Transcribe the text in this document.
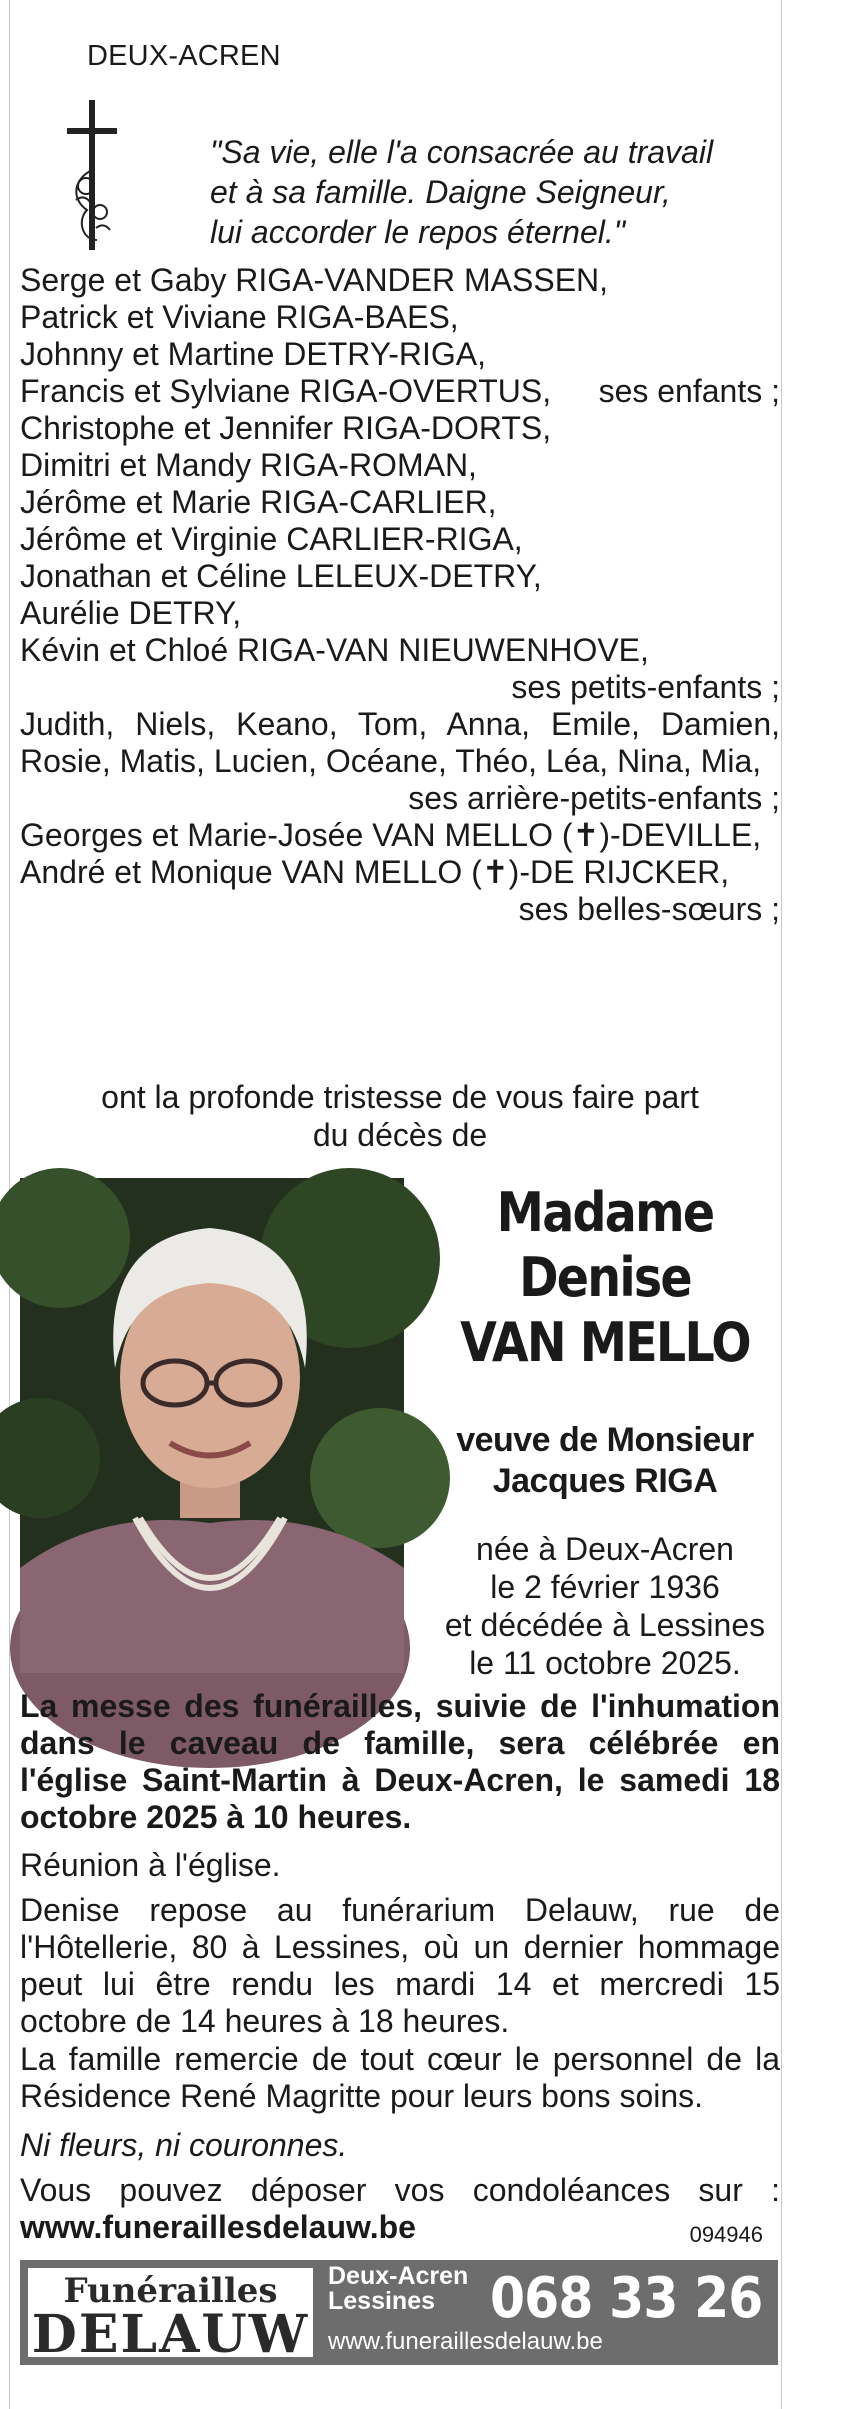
DEUX-ACREN
"Sa vie, elle l'a consacrée au travail
et à sa famille. Daigne Seigneur,
lui accorder le repos éternel."
Serge et Gaby RIGA-VANDER MASSEN,
Patrick et Viviane RIGA-BAES,
Johnny et Martine DETRY-RIGA,
Francis et Sylviane RIGA-OVERTUS, ses enfants ;
Christophe et Jennifer RIGA-DORTS,
Dimitri et Mandy RIGA-ROMAN,
Jérôme et Marie RIGA-CARLIER,
Jérôme et Virginie CARLIER-RIGA,
Jonathan et Céline LELEUX-DETRY,
Aurélie DETRY,
Kévin et Chloé RIGA-VAN NIEUWENHOVE,
ses petits-enfants ;
Judith, Niels, Keano, Tom, Anna, Emile, Damien,
Rosie, Matis, Lucien, Océane, Théo, Léa, Nina, Mia,
ses arrière-petits-enfants ;
Georges et Marie-Josée VAN MELLO (✝)-DEVILLE,
André et Monique VAN MELLO (✝)-DE RIJCKER,
ses belles-sœurs ;
ont la profonde tristesse de vous faire part
du décès de
Madame
Denise
VAN MELLO
veuve de Monsieur
Jacques RIGA
née à Deux-Acren
le 2 février 1936
et décédée à Lessines
le 11 octobre 2025.
La messe des funérailles, suivie de l'inhumation dans le caveau de famille, sera célébrée en l'église Saint-Martin à Deux-Acren, le samedi 18 octobre 2025 à 10 heures.
Réunion à l'église.
Denise repose au funérarium Delauw, rue de l'Hôtellerie, 80 à Lessines, où un dernier hommage peut lui être rendu les mardi 14 et mercredi 15 octobre de 14 heures à 18 heures.
La famille remercie de tout cœur le personnel de la Résidence René Magritte pour leurs bons soins.
Ni fleurs, ni couronnes.
Vous pouvez déposer vos condoléances sur :
www.funeraillesdelauw.be	094946
Funérailles
DELAUW
Deux-Acren
Lessines
www.funeraillesdelauw.be
068 33 26 30
